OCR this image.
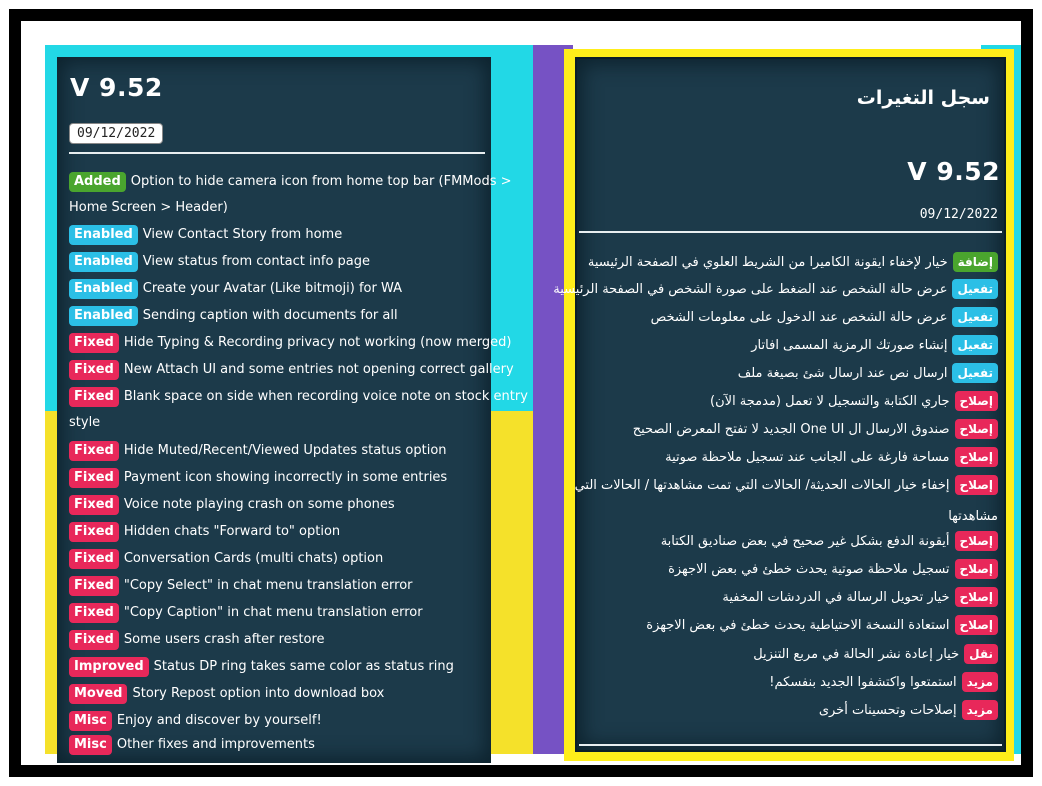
V 9.52
09/12/2022
Added Option to hide camera icon from home top bar (FMMods >
Enabled View Contact Story from home
Enabled View status from contact info page
Enabled Create your Avatar (Like bitmoji) for WA
Enabled Sending caption with documents for all
Fixed Hide Typing & Recording privacy not working (now merged)
Fixed New Attach UI and some entries not opening correct gallery
Fixed Blank space on side when recording voice note on stock entry
Fixed Hide Muted/Recent/Viewed Updates status option
Fixed Payment icon showing incorrectly in some entries
Fixed Voice note playing crash on some phones
Fixed Hidden chats "Forward to" option
Fixed Conversation Cards (multi chats) option
Fixed "Copy Select" in chat menu translation error
Fixed "Copy Caption" in chat menu translation error
Fixed Some users crash after restore
Improved Status DP ring takes same color as status ring
Moved Story Repost option into download box
Misc Enjoy and discover by yourself!
Misc Other fixes and improvements
Home Screen > Header)
style
سجل التغيرات
V 9.52
09/12/2022
إضافةخيار لإخفاء ايقونة الكاميرا من الشريط العلوي في الصفحة الرئيسية
تفعيلعرض حالة الشخص عند الضغط على صورة الشخص في الصفحة الرئيسية
تفعيلعرض حالة الشخص عند الدخول على معلومات الشخص
تفعيلإنشاء صورتك الرمزية المسمى افاتار
تفعيلارسال نص عند ارسال شئ بصيغة ملف
إصلاحجاري الكتابة والتسجيل لا تعمل (مدمجة الآن)
إصلاحصندوق الارسال ال One UI الجديد لا تفتح المعرض الصحيح
إصلاحمساحة فارغة على الجانب عند تسجيل ملاحظة صوتية
إصلاحإخفاء خيار الحالات الحديثة/ الحالات التي تمت مشاهدتها / الحالات التي
إصلاحأيقونة الدفع بشكل غير صحيح في بعض صناديق الكتابة
إصلاحتسجيل ملاحظة صوتية يحدث خطئ في بعض الاجهزة
إصلاحخيار تحويل الرسالة في الدردشات المخفية
إصلاحاستعادة النسخة الاحتياطية يحدث خطئ في بعض الاجهزة
نقلخيار إعادة نشر الحالة في مربع التنزيل
مزيداستمتعوا واكتشفوا الجديد بنفسكم!
مزيدإصلاحات وتحسينات أخرى
مشاهدتها
